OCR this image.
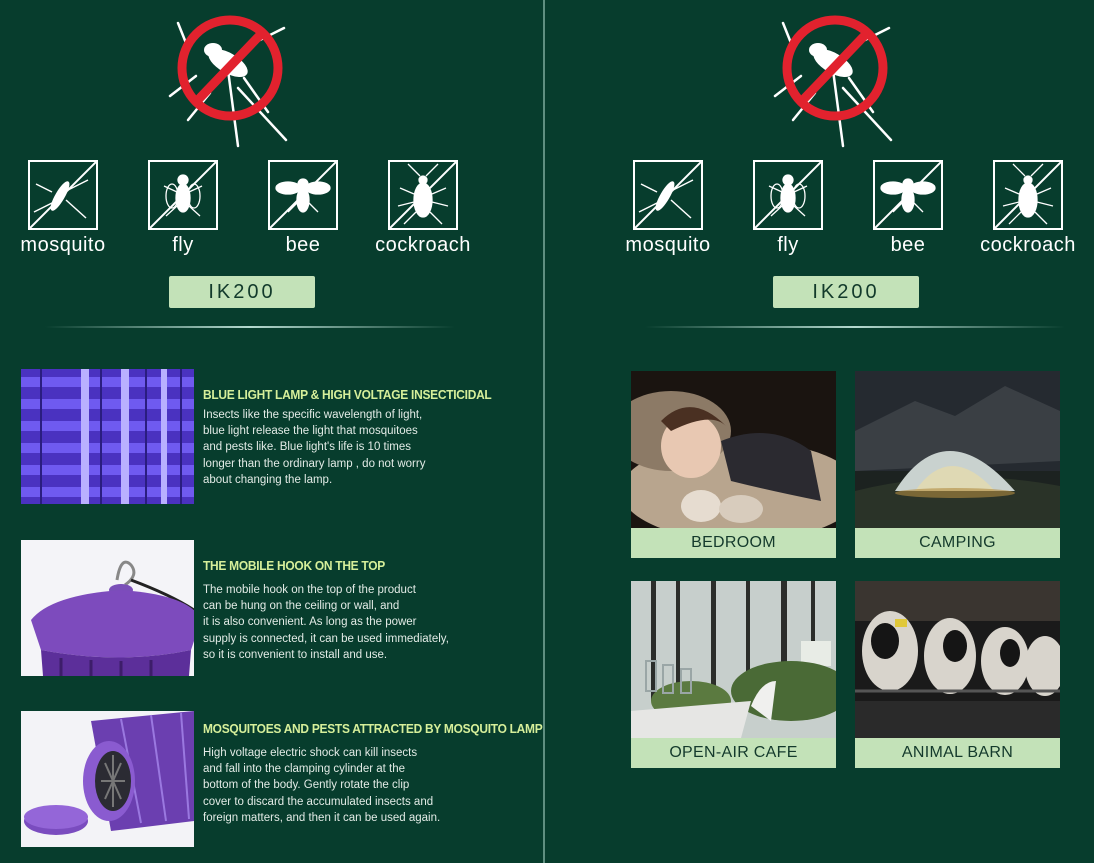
mosquito	fly	bee	cockroach
IK200
BLUE LIGHT LAMP & HIGH VOLTAGE INSECTICIDAL
Insects like the specific wavelength of light,
blue light release the light that mosquitoes
and pests like. Blue light's life is 10 times
longer than the ordinary lamp , do not worry
about changing the lamp.
THE MOBILE HOOK ON THE TOP
The mobile hook on the top of the product
can be hung on the ceiling or wall, and
it is also convenient. As long as the power
supply is connected, it can be used immediately,
so it is convenient to install and use.
MOSQUITOES AND PESTS ATTRACTED BY MOSQUITO LAMP
High voltage electric shock can kill insects
and fall into the clamping cylinder at the
bottom of the body. Gently rotate the clip
cover to discard the accumulated insects and
foreign matters, and then it can be used again.
mosquito	fly	bee	cockroach
IK200
BEDROOM	CAMPING
OPEN-AIR CAFE	ANIMAL BARN
